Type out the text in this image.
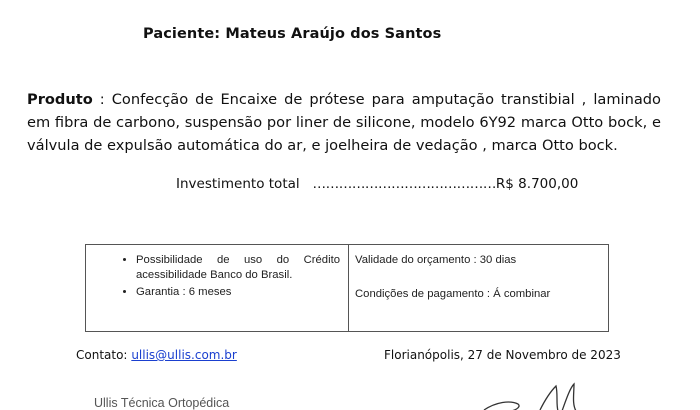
Paciente: Mateus Araújo dos Santos
Produto : Confecção de Encaixe de prótese para amputação transtibial , laminado em fibra de carbono, suspensão por liner de silicone, modelo 6Y92 marca Otto bock, e válvula de expulsão automática do ar, e joelheira de vedação , marca Otto bock.
Investimento total ……………………………………R$ 8.700,00
• Possibilidade de uso do Crédito acessibilidade Banco do Brasil.
• Garantia : 6 meses
Validade do orçamento : 30 dias
Condições de pagamento : Á combinar
Contato: ullis@ullis.com.br	Florianópolis, 27 de Novembro de 2023
Ullis Técnica Ortopédica
